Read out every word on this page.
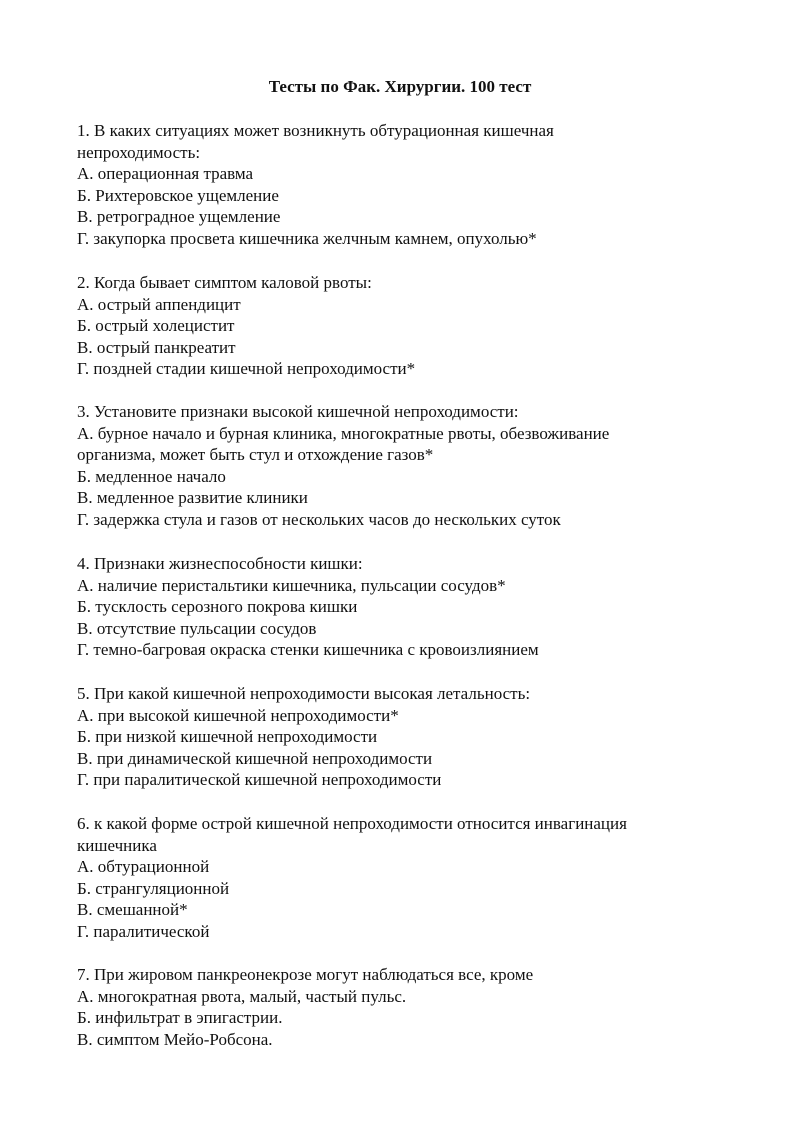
Тесты по Фак. Хирургии. 100 тест
1. В каких ситуациях может возникнуть обтурационная кишечная
непроходимость:
А. операционная травма
Б. Рихтеровское ущемление
В. ретроградное ущемление
Г. закупорка просвета кишечника желчным камнем, опухолью*
2. Когда бывает симптом каловой рвоты:
А. острый аппендицит
Б. острый холецистит
В. острый панкреатит
Г. поздней стадии кишечной непроходимости*
3. Установите признаки высокой кишечной непроходимости:
А. бурное начало и бурная клиника, многократные рвоты, обезвоживание
организма, может быть стул и отхождение газов*
Б. медленное начало
В. медленное развитие клиники
Г. задержка стула и газов от нескольких часов до нескольких суток
4. Признаки жизнеспособности кишки:
А. наличие перистальтики кишечника, пульсации сосудов*
Б. тусклость серозного покрова кишки
В. отсутствие пульсации сосудов
Г. темно-багровая окраска стенки кишечника с кровоизлиянием
5. При какой кишечной непроходимости высокая летальность:
А. при высокой кишечной непроходимости*
Б. при низкой кишечной непроходимости
В. при динамической кишечной непроходимости
Г. при паралитической кишечной непроходимости
6. к какой форме острой кишечной непроходимости относится инвагинация
кишечника
А. обтурационной
Б. странгуляционной
В. смешанной*
Г. паралитической
7. При жировом панкреонекрозе могут наблюдаться все, кроме
А. многократная рвота, малый, частый пульс.
Б. инфильтрат в эпигастрии.
В. симптом Мейо-Робсона.
